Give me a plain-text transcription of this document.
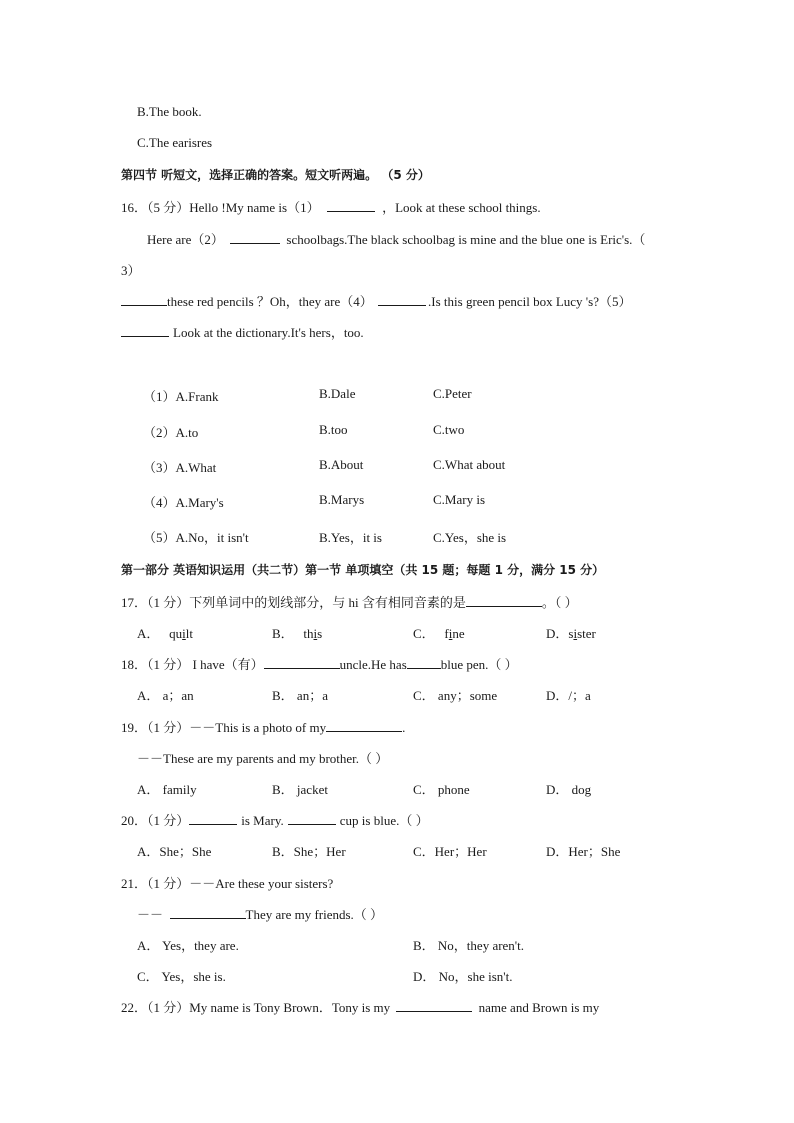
B.The book.
C.The earisres
第四节 听短文，选择正确的答案。短文听两遍。 （5 分）
16．（5 分）Hello !My name is（1）	，Look at these school things.
Here are（2）	schoolbags.The black schoolbag is mine and the blue one is Eric's.（
3）
these red pencils ？Oh，they are（4）	.Is this green pencil box Lucy 's?（5）
Look at the dictionary.It's hers，too.
（1）A.Frank	B.Dale	C.Peter
（2）A.to	B.too	C.two
（3）A.What	B.About	C.What about
（4）A.Mary's	B.Marys	C.Mary is
（5）A.No，it isn't	B.Yes，it is	C.Yes，she is
第一部分 英语知识运用（共二节）第一节 单项填空（共 15 题；每题 1 分，满分 15 分）
17．（1 分）下列单词中的划线部分，与 hi 含有相同音素的是	。（ ）
A． quilt	B． this	C． fine	D．sister
18．（1 分） I have（有）	uncle.He has	blue pen.（ ）
A． a；an	B． an；a	C． any；some	D．/；a
19．（1 分）－－This is a photo of my	.
－－These are my parents and my brother.（ ）
A． family	B． jacket	C． phone	D． dog
20．（1 分）	is Mary.	cup is blue.（ ）
A．She；She	B．She；Her	C．Her；Her	D．Her；She
21．（1 分）－－Are these your sisters?
－－	They are my friends.（ ）
A． Yes，they are.	B． No，they aren't.
C． Yes，she is.	D． No，she isn't.
22．（1 分）My name is Tony Brown．Tony is my	name and Brown is my
